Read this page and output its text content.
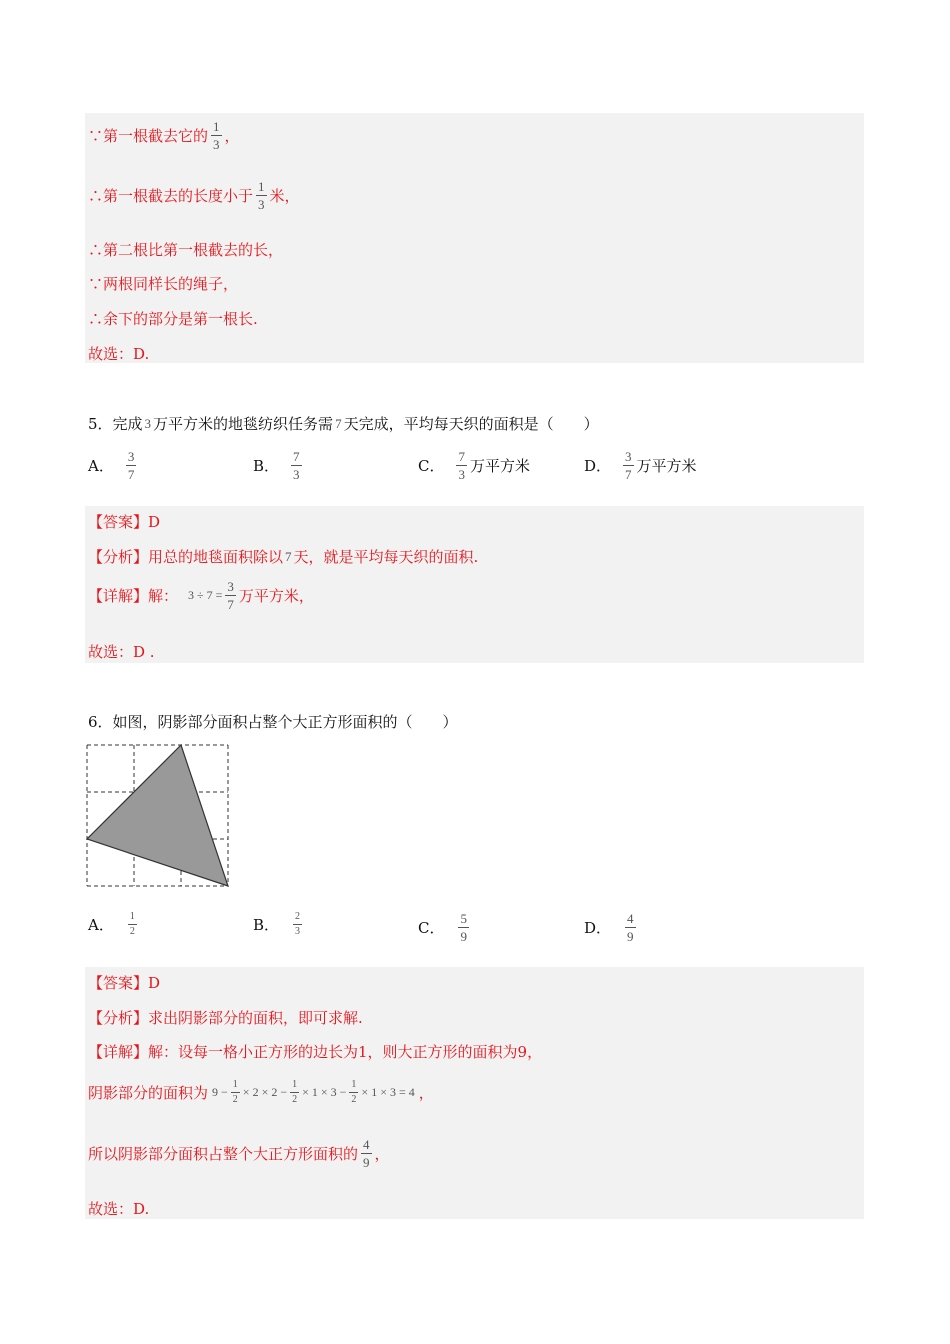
∵第一根截去它的 $\frac{1}{3}$ ，
∴第一根截去的长度小于 $\frac{1}{3}$ 米，
∴第二根比第一根截去的长，
∵两根同样长的绳子，
∴余下的部分是第一根长.
故选：D.
5．完成 3 万平方米的地毯纺织任务需 7 天完成，平均每天织的面积是（　　）
A． $\frac{3}{7}$	B． $\frac{7}{3}$	C． $\frac{7}{3}$ 万平方米	D． $\frac{3}{7}$ 万平方米
【答案】 D
【分析】 用总的地毯面积除以 7 天，就是平均每天织的面积.
【详解】 解： $3 \div 7 = \frac{3}{7}$ 万平方米，
故选：D .
6．如图，阴影部分面积占整个大正方形面积的（　　）
A． $\frac{1}{2}$	B． $\frac{2}{3}$	C． $\frac{5}{9}$	D． $\frac{4}{9}$
【答案】 D
【分析】 求出阴影部分的面积，即可求解.
【详解】 解：设每一格小正方形的边长为1，则大正方形的面积为9，
阴影部分的面积为 $9 - \frac{1}{2} \times 2 \times 2 - \frac{1}{2} \times 1 \times 3 - \frac{1}{2} \times 1 \times 3 = 4$ ，
所以阴影部分面积占整个大正方形面积的 $\frac{4}{9}$ ，
故选：D.
